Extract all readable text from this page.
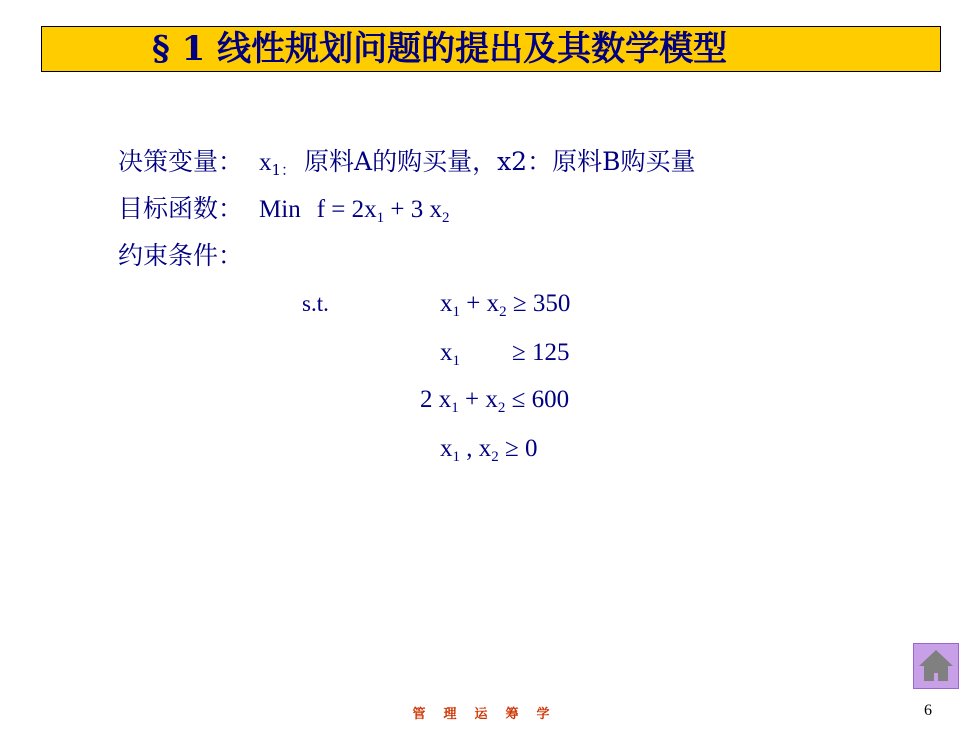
§ 1 线性规划问题的提出及其数学模型
决策变量： $x_{1:}$ 原料A的购买量，x2：原料B购买量
目标函数： Min $f = 2x_1 + 3$ $x_2$
约束条件：
s.t.	$x_1 + x_2 \ge 350$
$x_1 \ge 125$
2 $x_1 + x_2 \le 600$
$x_1$ , $x_2 \ge 0$
管理运筹学	6
